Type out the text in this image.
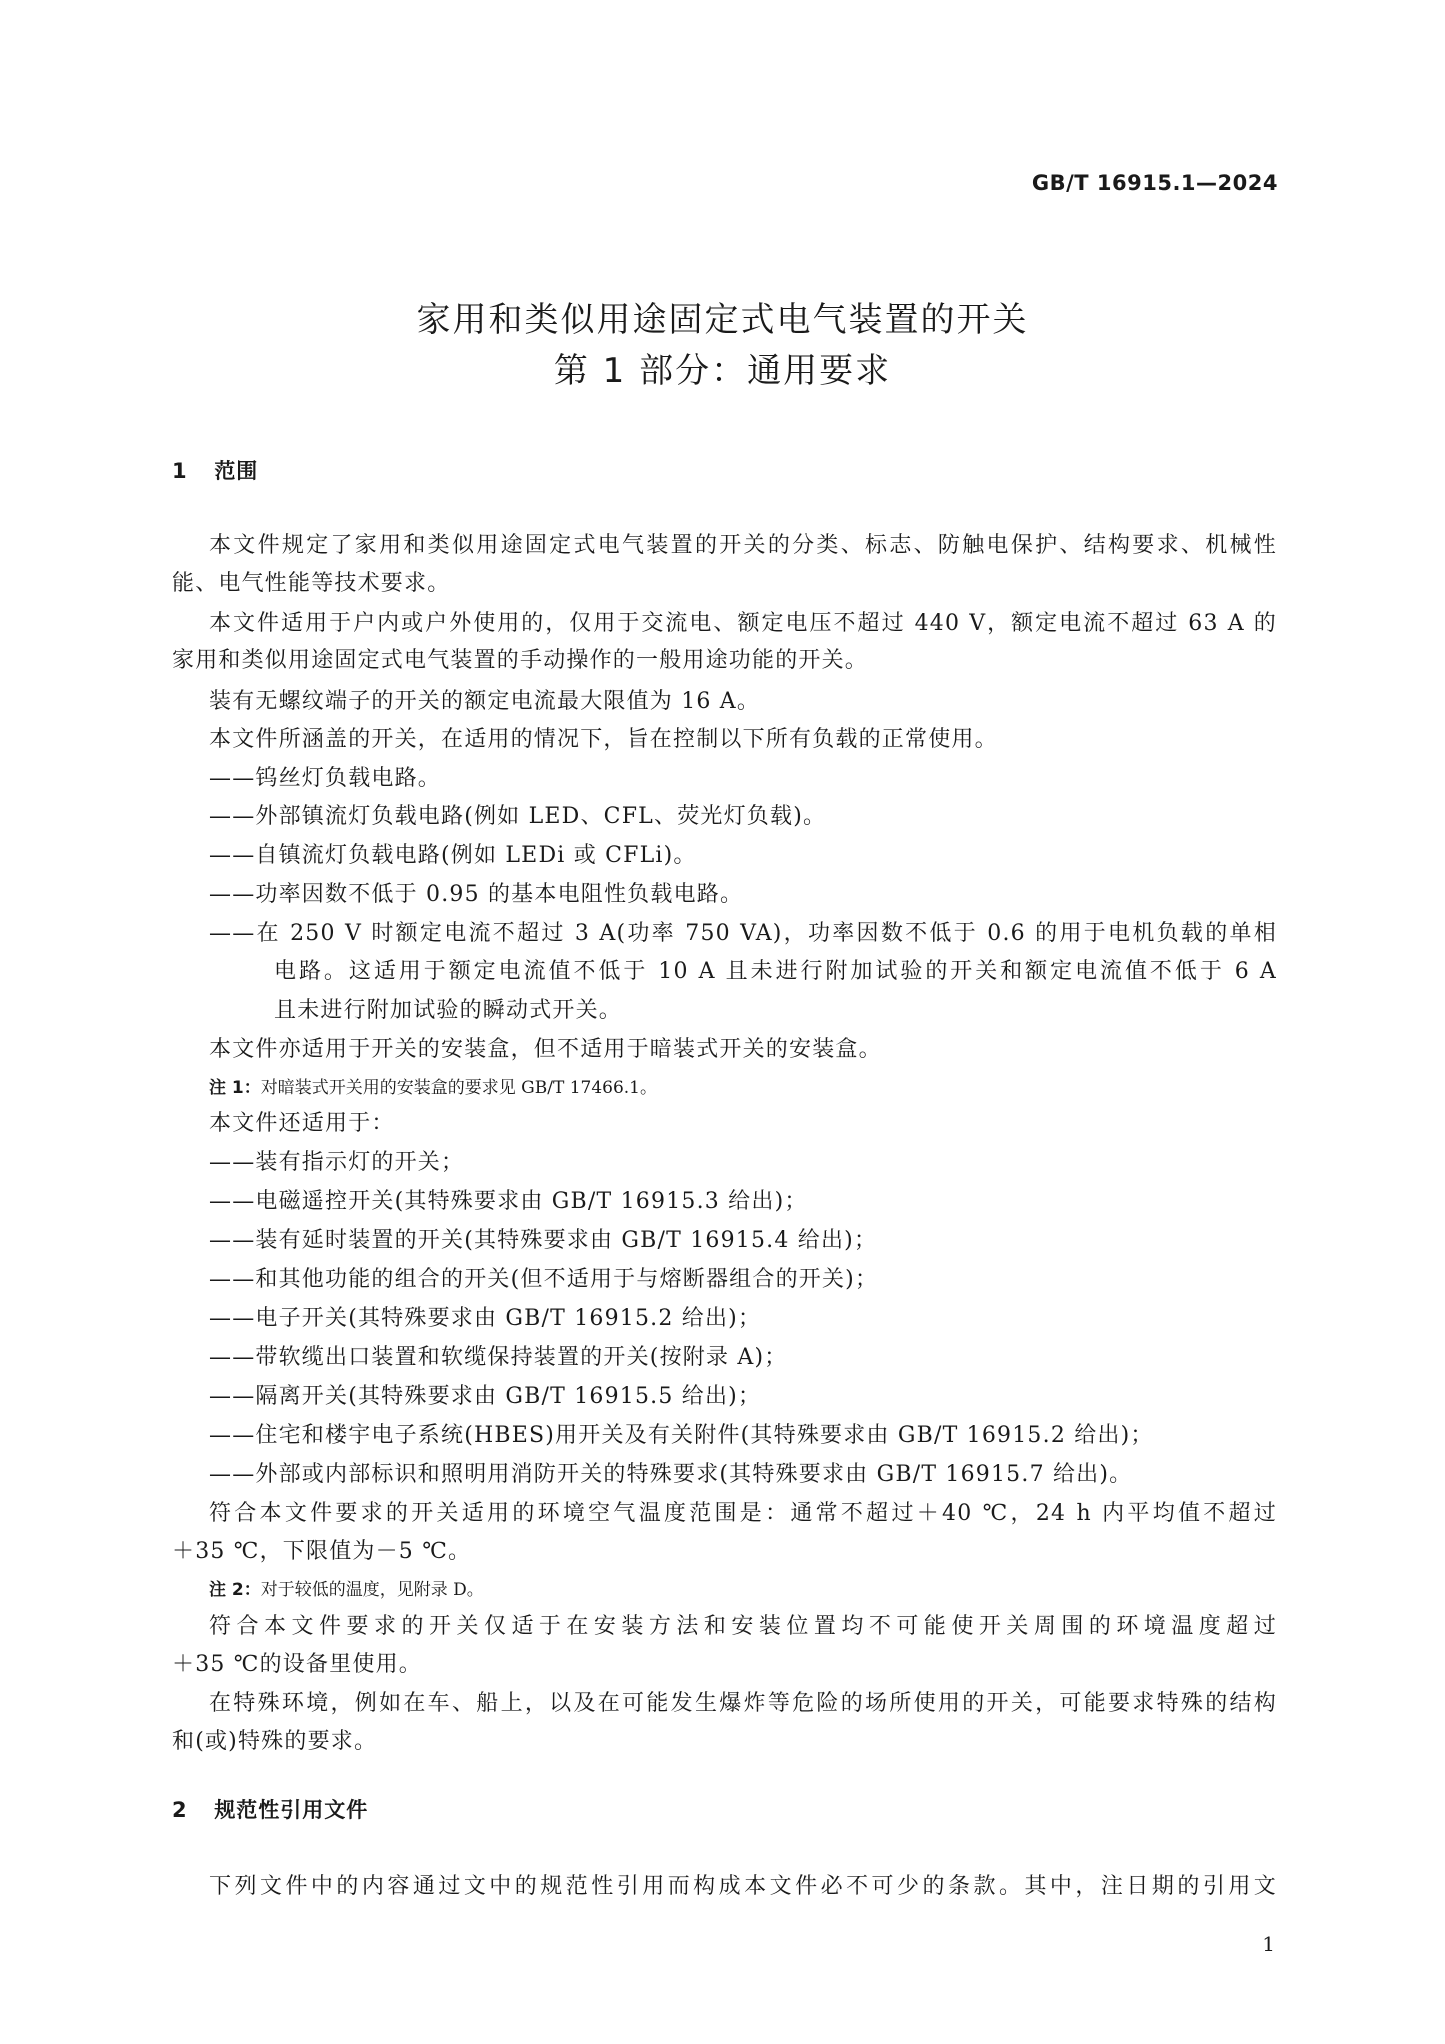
GB/T 16915.1—2024
家用和类似用途固定式电气装置的开关
第 1 部分：通用要求
1 范围
本文件规定了家用和类似用途固定式电气装置的开关的分类、标志、防触电保护、结构要求、机械性
能、电气性能等技术要求。
本文件适用于户内或户外使用的，仅用于交流电、额定电压不超过 440 V，额定电流不超过 63 A 的
家用和类似用途固定式电气装置的手动操作的一般用途功能的开关。
装有无螺纹端子的开关的额定电流最大限值为 16 A。
本文件所涵盖的开关，在适用的情况下，旨在控制以下所有负载的正常使用。
——钨丝灯负载电路。
——外部镇流灯负载电路(例如 LED、CFL、荧光灯负载)。
——自镇流灯负载电路(例如 LEDi 或 CFLi)。
——功率因数不低于 0.95 的基本电阻性负载电路。
——在 250 V 时额定电流不超过 3 A(功率 750 VA)，功率因数不低于 0.6 的用于电机负载的单相
电路。这适用于额定电流值不低于 10 A 且未进行附加试验的开关和额定电流值不低于 6 A
且未进行附加试验的瞬动式开关。
本文件亦适用于开关的安装盒，但不适用于暗装式开关的安装盒。
注 1：对暗装式开关用的安装盒的要求见 GB/T 17466.1。
本文件还适用于：
——装有指示灯的开关；
——电磁遥控开关(其特殊要求由 GB/T 16915.3 给出)；
——装有延时装置的开关(其特殊要求由 GB/T 16915.4 给出)；
——和其他功能的组合的开关(但不适用于与熔断器组合的开关)；
——电子开关(其特殊要求由 GB/T 16915.2 给出)；
——带软缆出口装置和软缆保持装置的开关(按附录 A)；
——隔离开关(其特殊要求由 GB/T 16915.5 给出)；
——住宅和楼宇电子系统(HBES)用开关及有关附件(其特殊要求由 GB/T 16915.2 给出)；
——外部或内部标识和照明用消防开关的特殊要求(其特殊要求由 GB/T 16915.7 给出)。
符合本文件要求的开关适用的环境空气温度范围是：通常不超过＋40 ℃，24 h 内平均值不超过
＋35 ℃，下限值为－5 ℃。
注 2：对于较低的温度，见附录 D。
符合本文件要求的开关仅适于在安装方法和安装位置均不可能使开关周围的环境温度超过
＋35 ℃的设备里使用。
在特殊环境，例如在车、船上，以及在可能发生爆炸等危险的场所使用的开关，可能要求特殊的结构
和(或)特殊的要求。
2 规范性引用文件
下列文件中的内容通过文中的规范性引用而构成本文件必不可少的条款。其中，注日期的引用文
1
